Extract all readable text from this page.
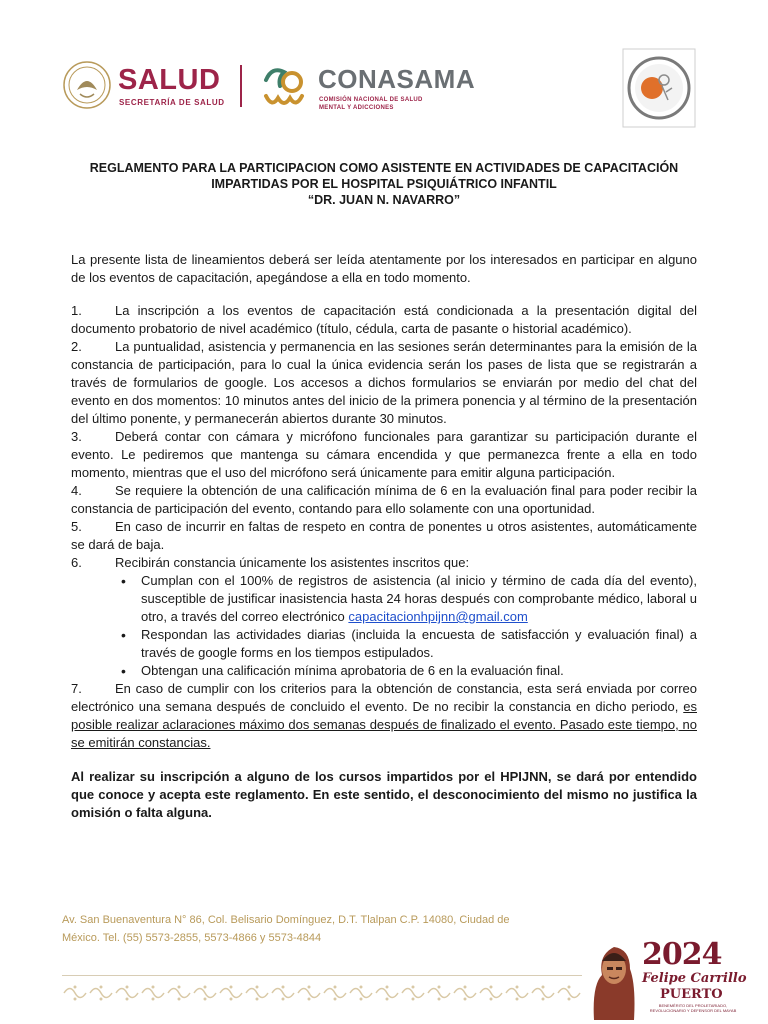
SALUD
SECRETARÍA DE SALUD
CONASAMA
COMISIÓN NACIONAL DE SALUD MENTAL Y ADICCIONES
REGLAMENTO PARA LA PARTICIPACION COMO ASISTENTE EN ACTIVIDADES DE CAPACITACIÓN
IMPARTIDAS POR EL HOSPITAL PSIQUIÁTRICO INFANTIL
“DR. JUAN N. NAVARRO”

La presente lista de lineamientos deberá ser leída atentamente por los interesados en participar en alguno de los eventos de capacitación, apegándose a ella en todo momento.

1.	La inscripción a los eventos de capacitación está condicionada a la presentación digital del documento probatorio de nivel académico (título, cédula, carta de pasante o historial académico).
2.	La puntualidad, asistencia y permanencia en las sesiones serán determinantes para la emisión de la constancia de participación, para lo cual la única evidencia serán los pases de lista que se registrarán a través de formularios de google. Los accesos a dichos formularios se enviarán por medio del chat del evento en dos momentos: 10 minutos antes del inicio de la primera ponencia y al término de la presentación del último ponente, y permanecerán abiertos durante 30 minutos.
3.	Deberá contar con cámara y micrófono funcionales para garantizar su participación durante el evento. Le pediremos que mantenga su cámara encendida y que permanezca frente a ella en todo momento, mientras que el uso del micrófono será únicamente para emitir alguna participación.
4.	Se requiere la obtención de una calificación mínima de 6 en la evaluación final para poder recibir la constancia de participación del evento, contando para ello solamente con una oportunidad.
5.	En caso de incurrir en faltas de respeto en contra de ponentes u otros asistentes, automáticamente se dará de baja.
6.	Recibirán constancia únicamente los asistentes inscritos que:
• Cumplan con el 100% de registros de asistencia (al inicio y término de cada día del evento), susceptible de justificar inasistencia hasta 24 horas después con comprobante médico, laboral u otro, a través del correo electrónico capacitacionhpijnn@gmail.com
• Respondan las actividades diarias (incluida la encuesta de satisfacción y evaluación final) a través de google forms en los tiempos estipulados.
• Obtengan una calificación mínima aprobatoria de 6 en la evaluación final.
7.	En caso de cumplir con los criterios para la obtención de constancia, esta será enviada por correo electrónico una semana después de concluido el evento. De no recibir la constancia en dicho periodo, es posible realizar aclaraciones máximo dos semanas después de finalizado el evento. Pasado este tiempo, no se emitirán constancias.

Al realizar su inscripción a alguno de los cursos impartidos por el HPIJNN, se dará por entendido que conoce y acepta este reglamento. En este sentido, el desconocimiento del mismo no justifica la omisión o falta alguna.

Av. San Buenaventura N° 86, Col. Belisario Domínguez, D.T. Tlalpan C.P. 14080, Ciudad de
México. Tel. (55) 5573-2855, 5573-4866 y 5573-4844	2024
Felipe Carrillo
PUERTO
BENEMÉRITO DEL PROLETARIADO, REVOLUCIONARIO Y DEFENSOR DEL MAYAB
